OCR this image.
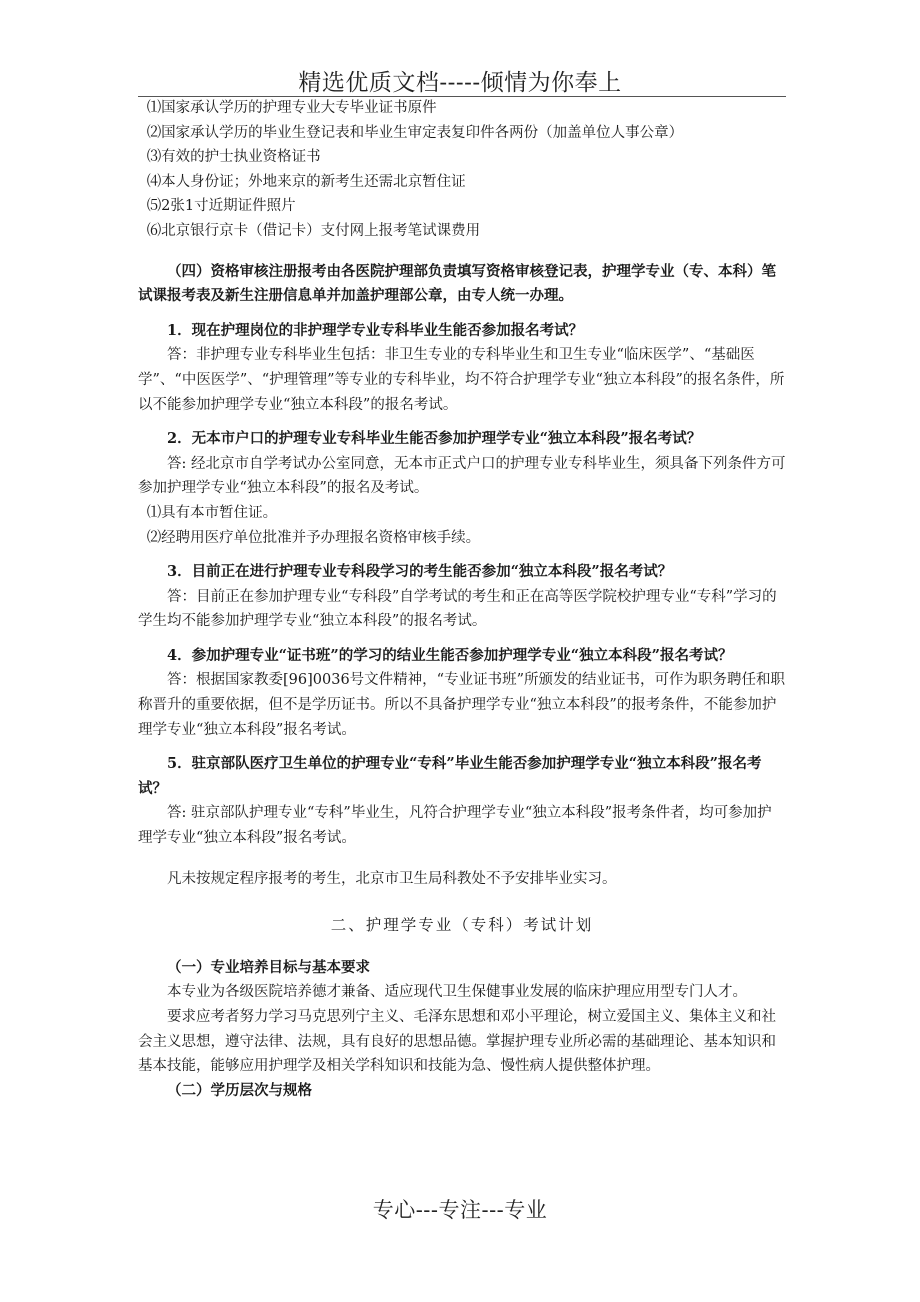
精选优质文档-----倾情为你奉上

⑴国家承认学历的护理专业大专毕业证书原件

⑵国家承认学历的毕业生登记表和毕业生审定表复印件各两份（加盖单位人事公章）

⑶有效的护士执业资格证书

⑷本人身份证；外地来京的新考生还需北京暂住证

⑸2张1寸近期证件照片

⑹北京银行京卡（借记卡）支付网上报考笔试课费用

（四）资格审核注册报考由各医院护理部负责填写资格审核登记表，护理学专业（专、本科）笔试课报考表及新生注册信息单并加盖护理部公章，由专人统一办理。

1．现在护理岗位的非护理学专业专科毕业生能否参加报名考试？

答：非护理专业专科毕业生包括：非卫生专业的专科毕业生和卫生专业“临床医学”、“基础医学”、“中医医学”、“护理管理”等专业的专科毕业，均不符合护理学专业“独立本科段”的报名条件，所以不能参加护理学专业“独立本科段”的报名考试。

2．无本市户口的护理专业专科毕业生能否参加护理学专业“独立本科段”报名考试？

答: 经北京市自学考试办公室同意，无本市正式户口的护理专业专科毕业生，须具备下列条件方可参加护理学专业“独立本科段”的报名及考试。

⑴具有本市暂住证。

⑵经聘用医疗单位批准并予办理报名资格审核手续。

3．目前正在进行护理专业专科段学习的考生能否参加“独立本科段”报名考试？

答：目前正在参加护理专业“专科段”自学考试的考生和正在高等医学院校护理专业“专科”学习的学生均不能参加护理学专业“独立本科段”的报名考试。

4．参加护理专业“证书班”的学习的结业生能否参加护理学专业“独立本科段”报名考试？

答：根据国家教委[96]0036号文件精神，“专业证书班”所颁发的结业证书，可作为职务聘任和职称晋升的重要依据，但不是学历证书。所以不具备护理学专业“独立本科段”的报考条件，不能参加护理学专业“独立本科段”报名考试。

5．驻京部队医疗卫生单位的护理专业“专科”毕业生能否参加护理学专业“独立本科段”报名考试？

答: 驻京部队护理专业“专科”毕业生，凡符合护理学专业“独立本科段”报考条件者，均可参加护理学专业“独立本科段”报名考试。

凡未按规定程序报考的考生，北京市卫生局科教处不予安排毕业实习。

二、护理学专业（专科）考试计划

（一）专业培养目标与基本要求

本专业为各级医院培养德才兼备、适应现代卫生保健事业发展的临床护理应用型专门人才。

要求应考者努力学习马克思列宁主义、毛泽东思想和邓小平理论，树立爱国主义、集体主义和社会主义思想，遵守法律、法规，具有良好的思想品德。掌握护理专业所必需的基础理论、基本知识和基本技能，能够应用护理学及相关学科知识和技能为急、慢性病人提供整体护理。

（二）学历层次与规格

专心---专注---专业
